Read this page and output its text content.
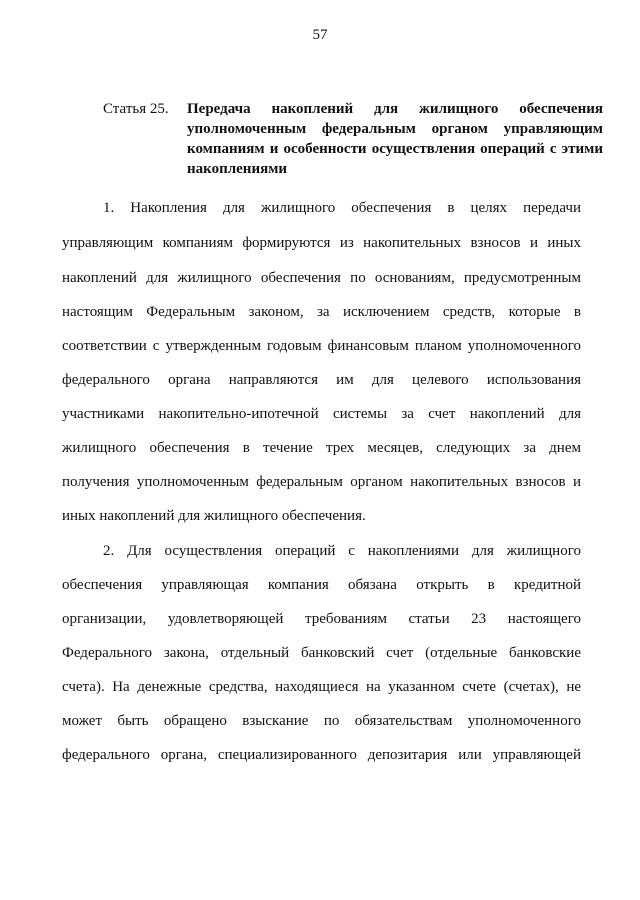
57
Статья 25.	Передача накоплений для жилищного обеспечения уполномоченным федеральным органом управляющим компаниям и особенности осуществления операций с этими накоплениями
1. Накопления для жилищного обеспечения в целях передачи
управляющим компаниям формируются из накопительных взносов и иных
накоплений для жилищного обеспечения по основаниям, предусмотренным
настоящим Федеральным законом, за исключением средств, которые в
соответствии с утвержденным годовым финансовым планом уполномоченного
федерального органа направляются им для целевого использования
участниками накопительно-ипотечной системы за счет накоплений для
жилищного обеспечения в течение трех месяцев, следующих за днем
получения уполномоченным федеральным органом накопительных взносов и
иных накоплений для жилищного обеспечения.
2. Для осуществления операций с накоплениями для жилищного
обеспечения управляющая компания обязана открыть в кредитной
организации, удовлетворяющей требованиям статьи 23 настоящего
Федерального закона, отдельный банковский счет (отдельные банковские
счета). На денежные средства, находящиеся на указанном счете (счетах), не
может быть обращено взыскание по обязательствам уполномоченного
федерального органа, специализированного депозитария или управляющей
